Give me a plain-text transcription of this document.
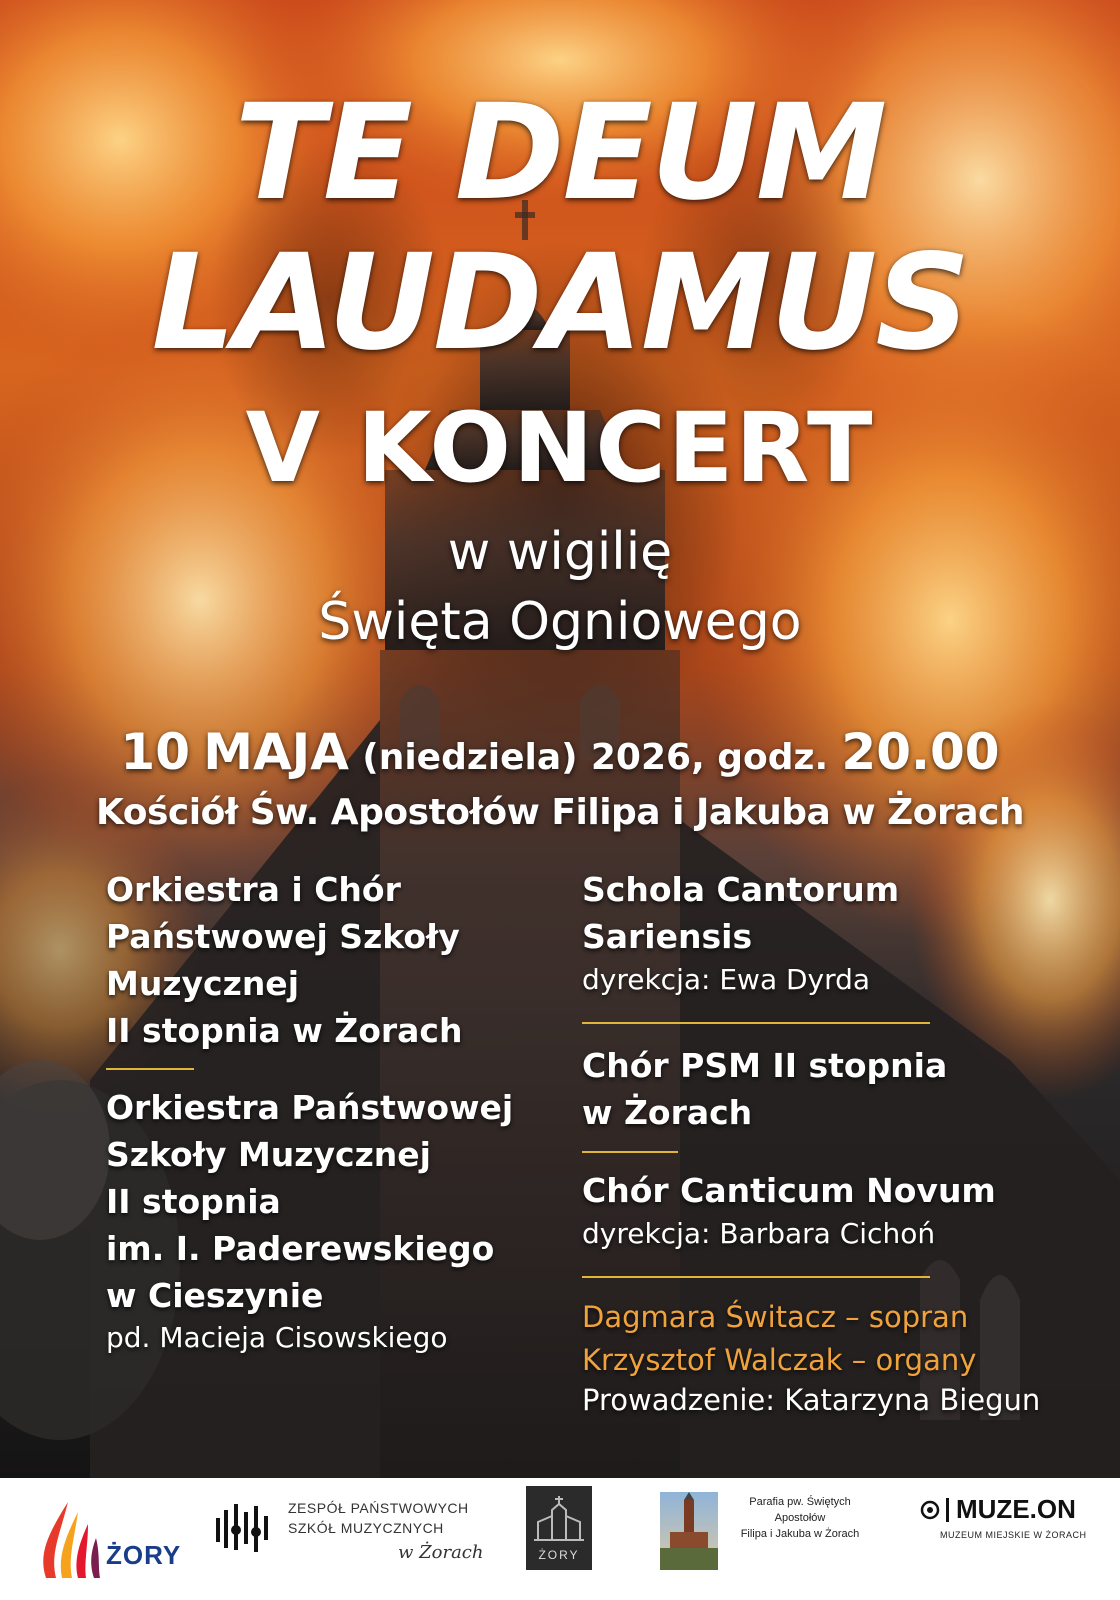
TE DEUM
LAUDAMUS
V KONCERT
w wigilię
Święta Ogniowego
10 MAJA (niedziela) 2026, godz. 20.00
Kościół Św. Apostołów Filipa i Jakuba w Żorach
Orkiestra i Chór
Państwowej Szkoły
Muzycznej
II stopnia w Żorach
Orkiestra Państwowej
Szkoły Muzycznej
II stopnia
im. I. Paderewskiego
w Cieszynie
pd. Macieja Cisowskiego
Schola Cantorum
Sariensis
dyrekcja: Ewa Dyrda
Chór PSM II stopnia
w Żorach
Chór Canticum Novum
dyrekcja: Barbara Cichoń
Dagmara Świtacz – sopran
Krzysztof Walczak – organy
Prowadzenie: Katarzyna Biegun
ŻORY
ZESPÓŁ PAŃSTWOWYCH
SZKÓŁ MUZYCZNYCH
w Żorach	ŻORY
Parafia pw. Świętych
Apostołów
Filipa i Jakuba w Żorach
MUZE.ON
MUZEUM MIEJSKIE W ŻORACH
